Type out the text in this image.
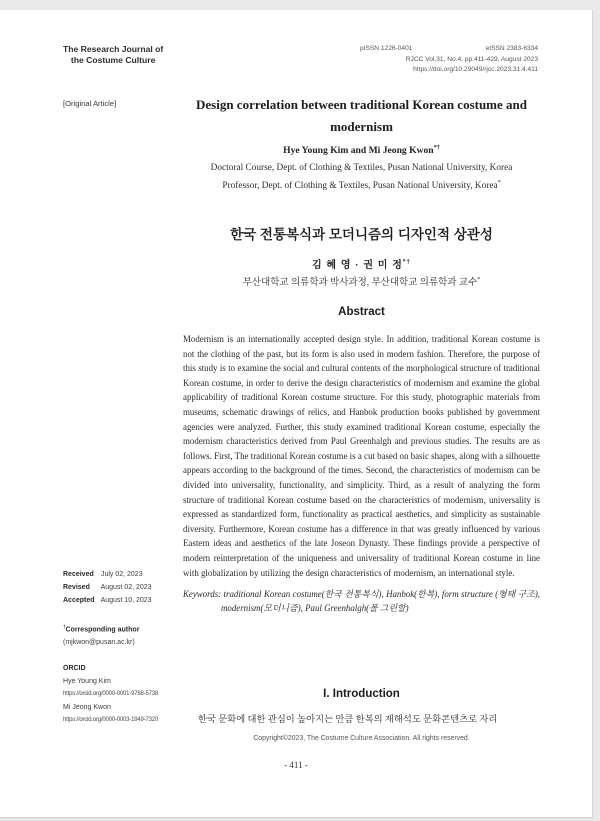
The Research Journal of
the Costume Culture
pISSN 1226-0401	eISSN 2383-6334
RJCC Vol.31, No.4, pp.411-429, August 2023
https://doi.org/10.29049/rjcc.2023.31.4.411
[Original Article]	Design correlation between traditional Korean costume and modernism
Hye Young Kim and Mi Jeong Kwon*†
Doctoral Course, Dept. of Clothing & Textiles, Pusan National University, Korea
Professor, Dept. of Clothing & Textiles, Pusan National University, Korea*
한국 전통복식과 모더니즘의 디자인적 상관성
김 혜 영 · 권 미 정*†
부산대학교 의류학과 박사과정, 부산대학교 의류학과 교수*
Abstract
Modernism is an internationally accepted design style. In addition, traditional Korean costume is not the clothing of the past, but its form is also used in modern fashion. Therefore, the purpose of this study is to examine the social and cultural contents of the morphological structure of traditional Korean costume, in order to derive the design characteristics of modernism and examine the global applicability of traditional Korean costume structure. For this study, photographic materials from museums, schematic drawings of relics, and Hanbok production books published by government agencies were analyzed. Further, this study examined traditional Korean costume, especially the modernism characteristics derived from Paul Greenhalgh and previous studies. The results are as follows. First, The traditional Korean costume is a cut based on basic shapes, along with a silhouette appears according to the background of the times. Second, the characteristics of modernism can be divided into universality, functionality, and simplicity. Third, as a result of analyzing the form structure of traditional Korean costume based on the characteristics of modernism, universality is expressed as standardized form, functionality as practical aesthetics, and simplicity as sustainable diversity. Furthermore, Korean costume has a difference in that was greatly influenced by various Eastern ideas and aesthetics of the late Joseon Dynasty. These findings provide a perspective of modern reinterpretation of the uniqueness and universality of traditional Korean costume in line with globalization by utilizing the design characteristics of modernism, an international style.

Keywords: traditional Korean costume(한국 전통복식), Hanbok(한복), form structure (형태 구조), modernism(모더니즘), Paul Greenhalgh(폴 그린할)

Received July 02, 2023
Revised August 02, 2023
Accepted August 10, 2023
†Corresponding author
(mjkwon@pusan.ac.kr)
ORCID
Hye Young Kim
https://orcid.org/0000-0001-9788-5738
Mi Jeong Kwon
https://orcid.org/0000-0003-1949-7320
I. Introduction
한국 문화에 대한 관심이 높아지는 만큼 한복의 재해석도 문화콘텐츠로 자리
Copyright©2023, The Costume Culture Association. All rights reserved.
- 411 -
